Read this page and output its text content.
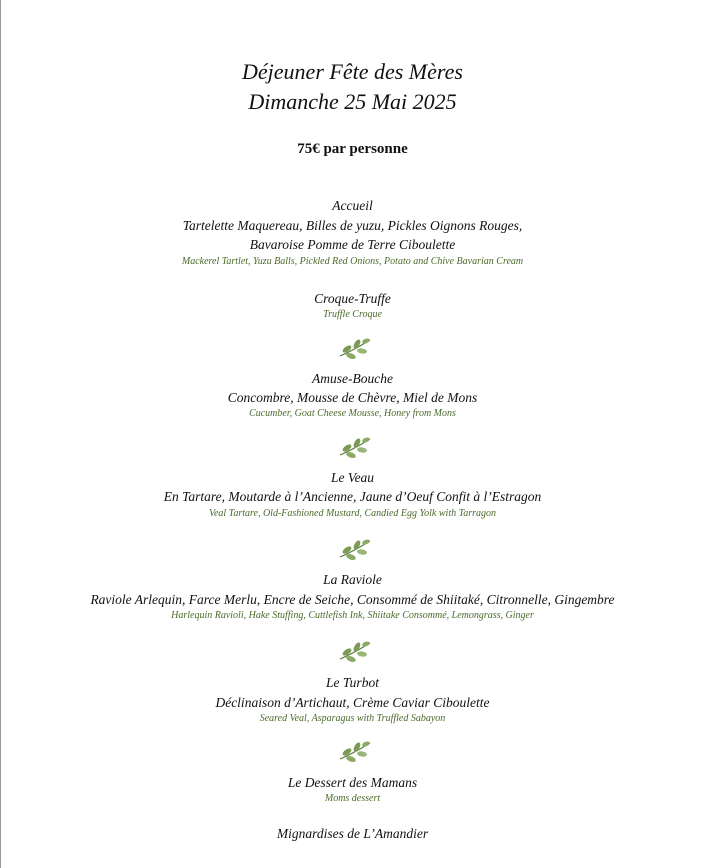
Déjeuner Fête des Mères
Dimanche 25 Mai 2025
75€ par personne
Accueil
Tartelette Maquereau, Billes de yuzu, Pickles Oignons Rouges,
Bavaroise Pomme de Terre Ciboulette
Mackerel Tartlet, Yuzu Balls, Pickled Red Onions, Potato and Chive Bavarian Cream
Croque-Truffe
Truffle Croque
Amuse-Bouche
Concombre, Mousse de Chèvre, Miel de Mons
Cucumber, Goat Cheese Mousse, Honey from Mons
Le Veau
En Tartare, Moutarde à l’Ancienne, Jaune d’Oeuf Confit à l’Estragon
Veal Tartare, Old-Fashioned Mustard, Candied Egg Yolk with Tarragon
La Raviole
Raviole Arlequin, Farce Merlu, Encre de Seiche, Consommé de Shiitaké, Citronnelle, Gingembre
Harlequin Ravioli, Hake Stuffing, Cuttlefish Ink, Shiitake Consommé, Lemongrass, Ginger
Le Turbot
Déclinaison d’Artichaut, Crème Caviar Ciboulette
Seared Veal, Asparagus with Truffled Sabayon
Le Dessert des Mamans
Moms dessert
Mignardises de L’Amandier
